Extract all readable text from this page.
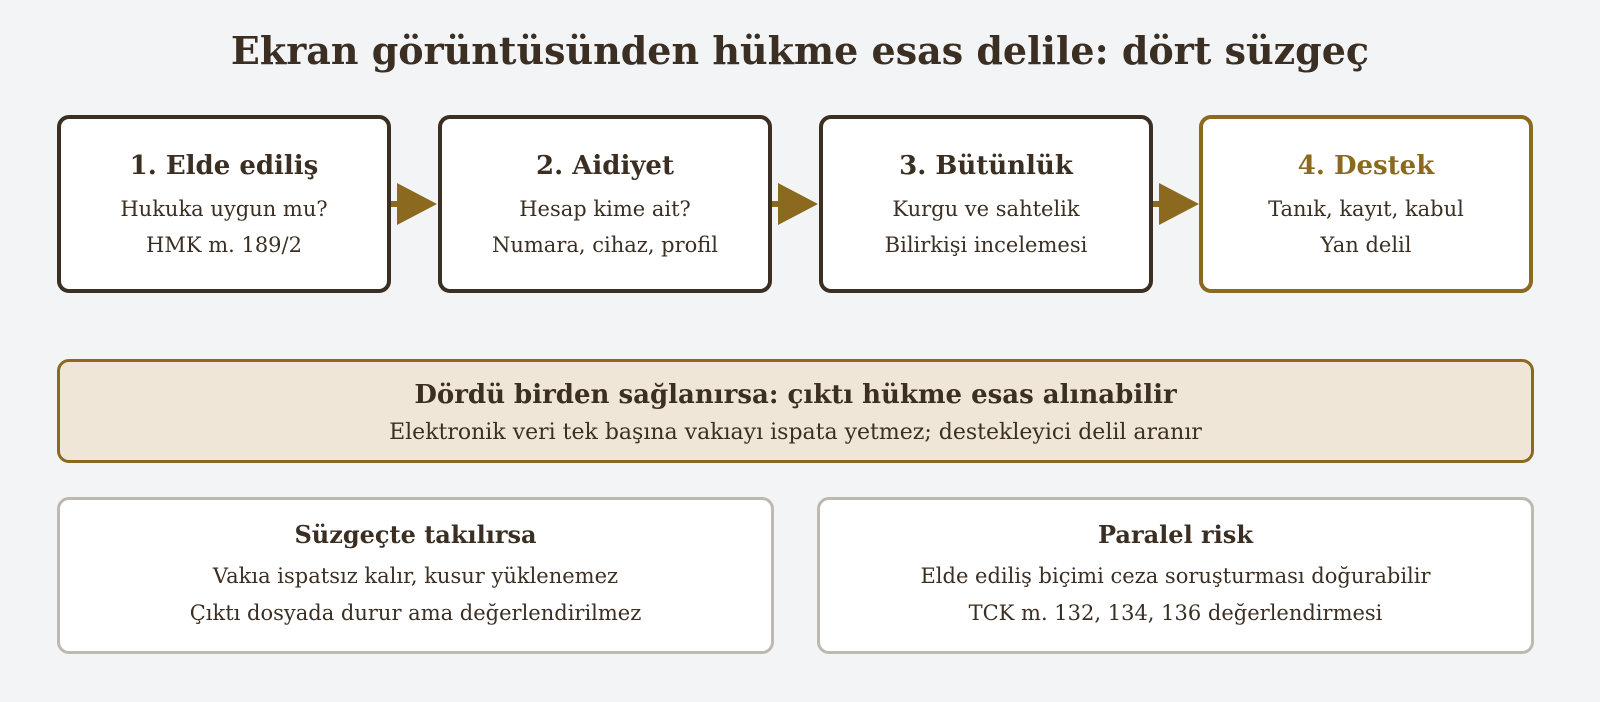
Ekran görüntüsünden hükme esas delile: dört süzgeç
1. Elde ediliş
Hukuka uygun mu?
HMK m. 189/2
2. Aidiyet
Hesap kime ait?
Numara, cihaz, profil
3. Bütünlük
Kurgu ve sahtelik
Bilirkişi incelemesi
4. Destek
Tanık, kayıt, kabul
Yan delil
Dördü birden sağlanırsa: çıktı hükme esas alınabilir
Elektronik veri tek başına vakıayı ispata yetmez; destekleyici delil aranır
Süzgeçte takılırsa
Vakıa ispatsız kalır, kusur yüklenemez
Çıktı dosyada durur ama değerlendirilmez
Paralel risk
Elde ediliş biçimi ceza soruşturması doğurabilir
TCK m. 132, 134, 136 değerlendirmesi
